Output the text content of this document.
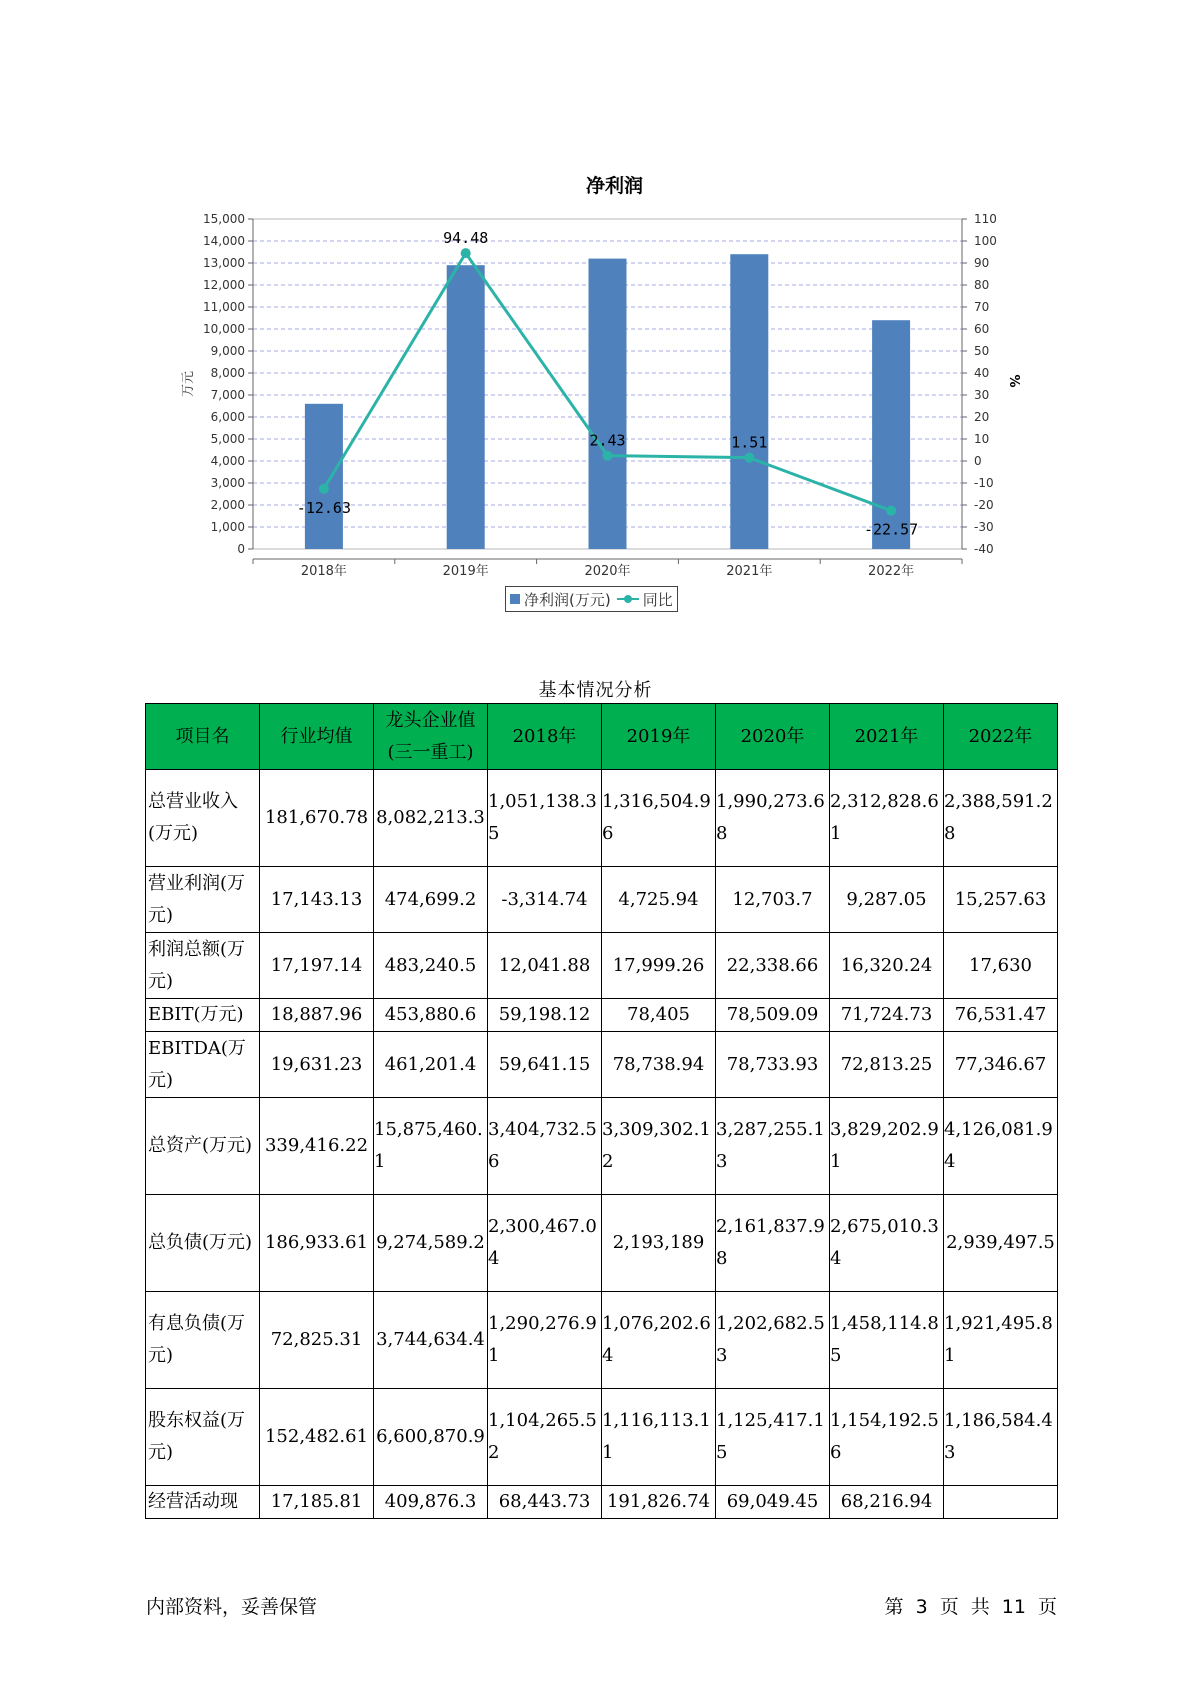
净利润
0
1,000
2,000
3,000
4,000
5,000
6,000
7,000
8,000
9,000
10,000
11,000
12,000
13,000
14,000
15,000
-40
-30
-20
-10
0
10
20
30
40
50
60
70
80
90
100
110
万元	%
2018年	2019年	2020年	2021年	2022年
-12.63
94.48
2.43	1.51
-22.57
净利润(万元) 同比
基本情况分析
项目名	行业均值	龙头企业值(三一重工)	2018年	2019年	2020年	2021年	2022年
总营业收入(万元)	181,670.78	8,082,213.3	1,051,138.35	1,316,504.96	1,990,273.68	2,312,828.61	2,388,591.28
营业利润(万元)	17,143.13	474,699.2	-3,314.74	4,725.94	12,703.7	9,287.05	15,257.63
利润总额(万元)	17,197.14	483,240.5	12,041.88	17,999.26	22,338.66	16,320.24	17,630
EBIT(万元)	18,887.96	453,880.6	59,198.12	78,405	78,509.09	71,724.73	76,531.47
EBITDA(万元)	19,631.23	461,201.4	59,641.15	78,738.94	78,733.93	72,813.25	77,346.67
总资产(万元)	339,416.22	15,875,460.1	3,404,732.56	3,309,302.12	3,287,255.13	3,829,202.91	4,126,081.94
总负债(万元)	186,933.61	9,274,589.2	2,300,467.04	2,193,189	2,161,837.98	2,675,010.34	2,939,497.5
有息负债(万元)	72,825.31	3,744,634.4	1,290,276.91	1,076,202.64	1,202,682.53	1,458,114.85	1,921,495.81
股东权益(万元)	152,482.61	6,600,870.9	1,104,265.52	1,116,113.11	1,125,417.15	1,154,192.56	1,186,584.43
经营活动现	17,185.81	409,876.3	68,443.73	191,826.74	69,049.45	68,216.94	
内部资料，妥善保管	第 3 页 共 11 页
